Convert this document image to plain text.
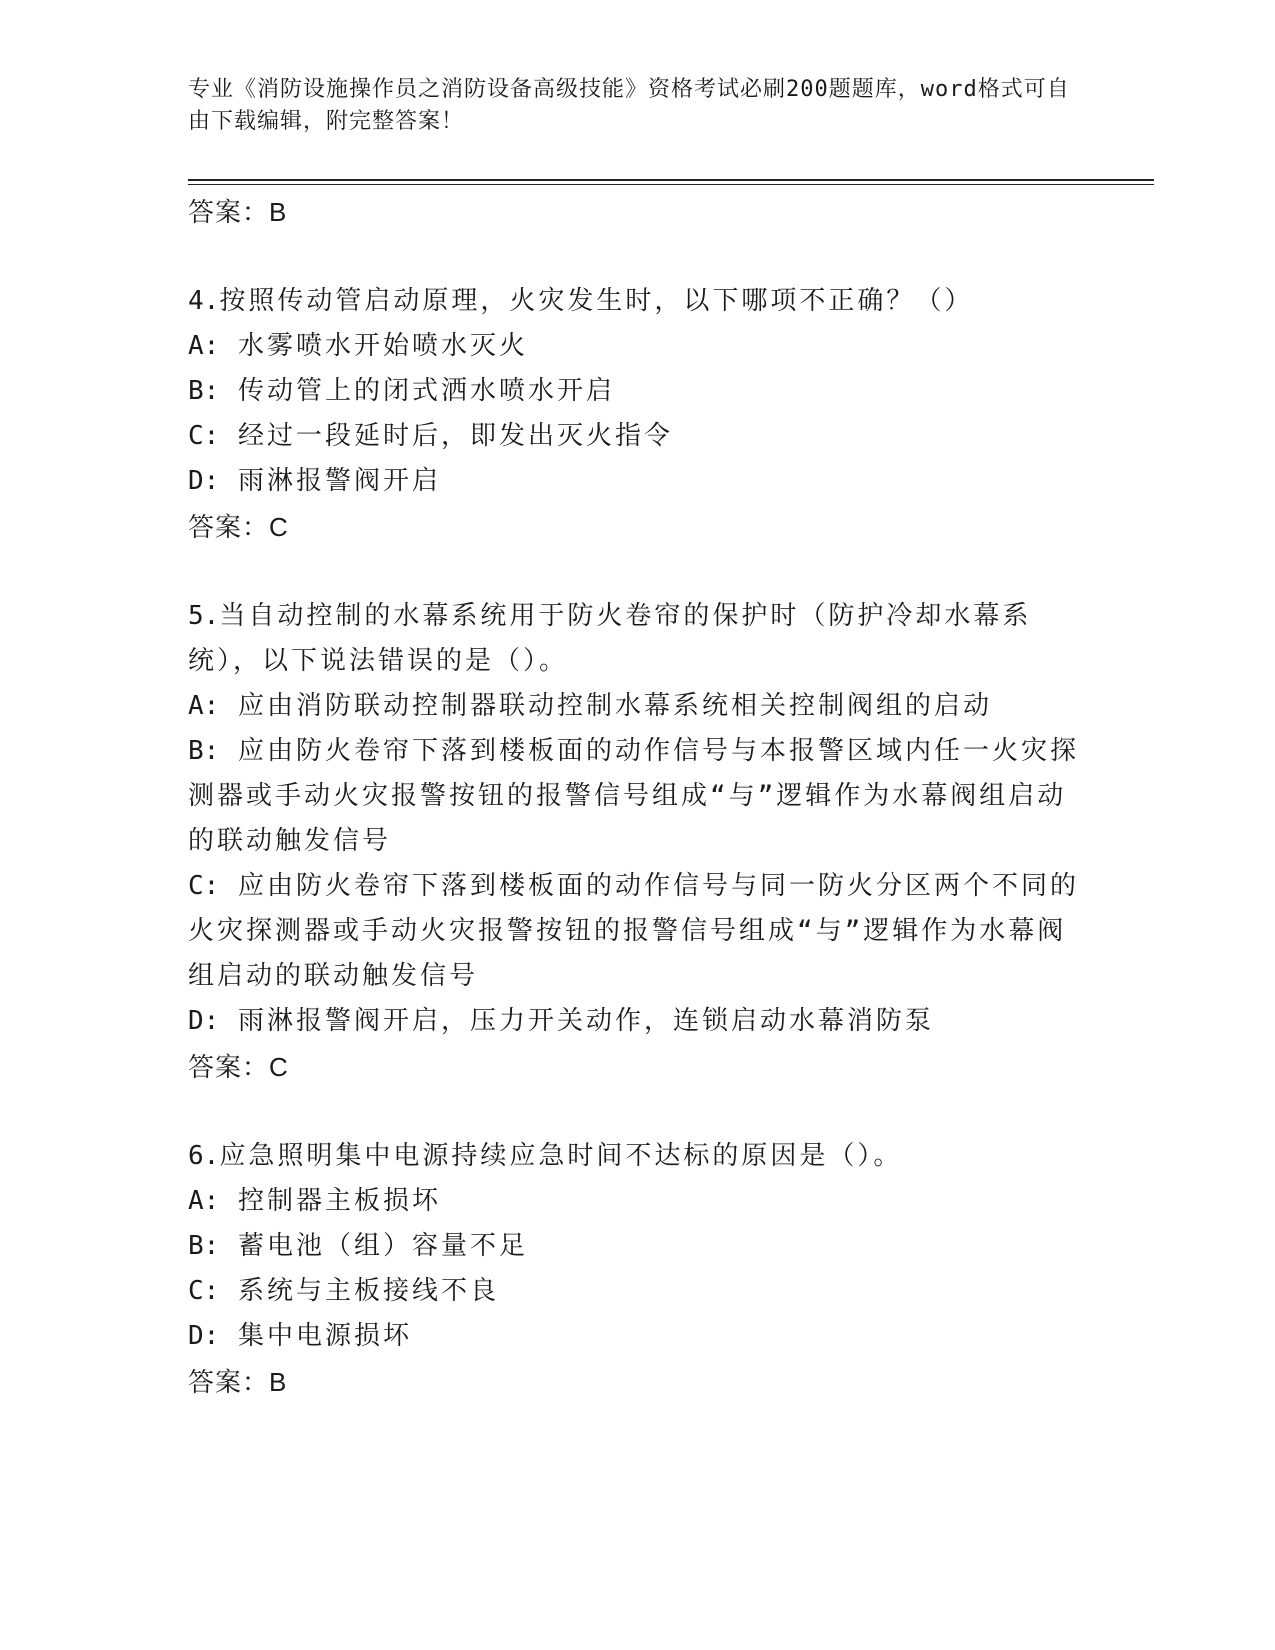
专业《消防设施操作员之消防设备高级技能》资格考试必刷200题题库，word格式可自由下载编辑，附完整答案！
答案：B
4.按照传动管启动原理，火灾发生时，以下哪项不正确？（）
A: 水雾喷水开始喷水灭火
B: 传动管上的闭式洒水喷水开启
C: 经过一段延时后，即发出灭火指令
D: 雨淋报警阀开启
答案：C
5.当自动控制的水幕系统用于防火卷帘的保护时（防护冷却水幕系统），以下说法错误的是（）。
A: 应由消防联动控制器联动控制水幕系统相关控制阀组的启动
B: 应由防火卷帘下落到楼板面的动作信号与本报警区域内任一火灾探测器或手动火灾报警按钮的报警信号组成“与”逻辑作为水幕阀组启动的联动触发信号
C: 应由防火卷帘下落到楼板面的动作信号与同一防火分区两个不同的火灾探测器或手动火灾报警按钮的报警信号组成“与”逻辑作为水幕阀组启动的联动触发信号
D: 雨淋报警阀开启，压力开关动作，连锁启动水幕消防泵
答案：C
6.应急照明集中电源持续应急时间不达标的原因是（）。
A: 控制器主板损坏
B: 蓄电池（组）容量不足
C: 系统与主板接线不良
D: 集中电源损坏
答案：B
